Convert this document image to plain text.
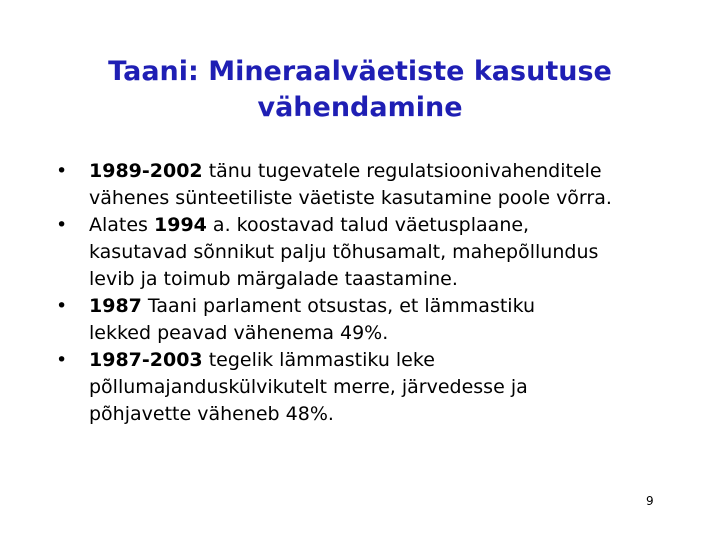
Taani: Mineraalväetiste kasutuse
vähendamine
•	1989-2002 tänu tugevatele regulatsioonivahenditele
vähenes sünteetiliste väetiste kasutamine poole võrra.
•	Alates 1994 a. koostavad talud väetusplaane,
kasutavad sõnnikut palju tõhusamalt, mahepõllundus
levib ja toimub märgalade taastamine.
•	1987 Taani parlament otsustas, et lämmastiku
lekked peavad vähenema 49%.
•	1987-2003 tegelik lämmastiku leke
põllumajanduskülvikutelt merre, järvedesse ja
põhjavette väheneb 48%.
9
